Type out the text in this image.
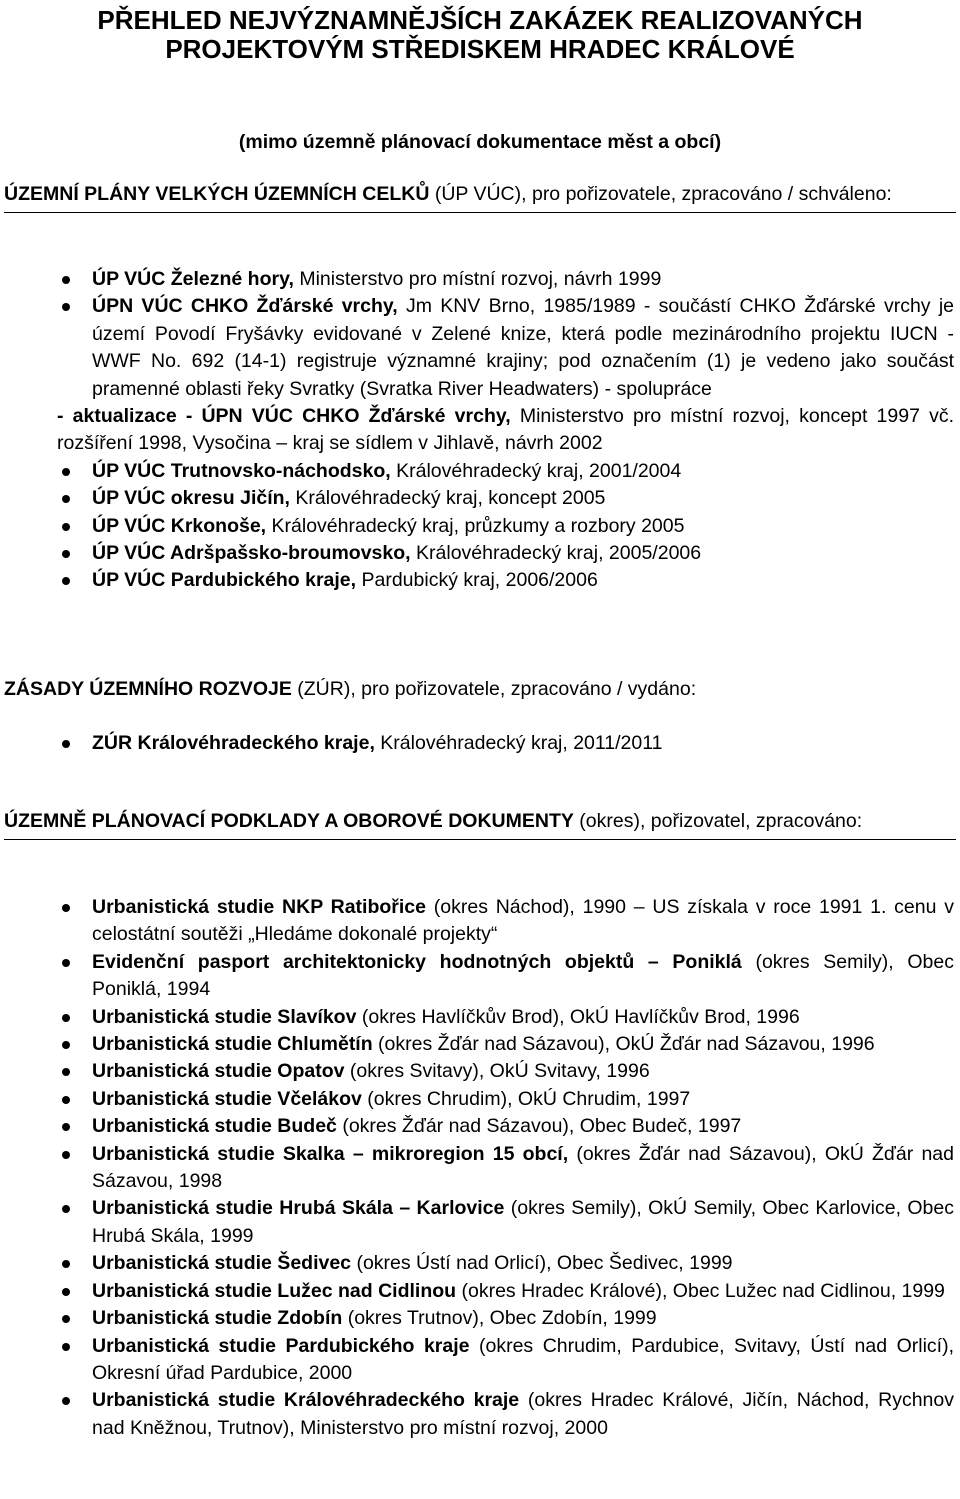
PŘEHLED NEJVÝZNAMNĚJŠÍCH ZAKÁZEK REALIZOVANÝCH
PROJEKTOVÝM STŘEDISKEM HRADEC KRÁLOVÉ
(mimo územně plánovací dokumentace měst a obcí)
ÚZEMNÍ PLÁNY VELKÝCH ÚZEMNÍCH CELKŮ (ÚP VÚC), pro pořizovatele, zpracováno / schváleno:
ÚP VÚC Železné hory, Ministerstvo pro místní rozvoj, návrh 1999
ÚPN VÚC CHKO Žďárské vrchy, Jm KNV Brno, 1985/1989 - součástí CHKO Žďárské vrchy je území Povodí Fryšávky evidované v Zelené knize, která podle mezinárodního projektu IUCN - WWF No. 692 (14-1) registruje významné krajiny; pod označením (1) je vedeno jako součást pramenné oblasti řeky Svratky (Svratka River Headwaters) - spolupráce
- aktualizace - ÚPN VÚC CHKO Žďárské vrchy, Ministerstvo pro místní rozvoj, koncept 1997 vč. rozšíření 1998, Vysočina – kraj se sídlem v Jihlavě, návrh 2002
ÚP VÚC Trutnovsko-náchodsko, Královéhradecký kraj, 2001/2004
ÚP VÚC okresu Jičín, Královéhradecký kraj, koncept 2005
ÚP VÚC Krkonoše, Královéhradecký kraj, průzkumy a rozbory 2005
ÚP VÚC Adršpašsko-broumovsko, Královéhradecký kraj, 2005/2006
ÚP VÚC Pardubického kraje, Pardubický kraj, 2006/2006
ZÁSADY ÚZEMNÍHO ROZVOJE (ZÚR), pro pořizovatele, zpracováno / vydáno:
ZÚR Královéhradeckého kraje, Královéhradecký kraj, 2011/2011
ÚZEMNĚ PLÁNOVACÍ PODKLADY A OBOROVÉ DOKUMENTY (okres), pořizovatel, zpracováno:
Urbanistická studie NKP Ratibořice (okres Náchod), 1990 – US získala v roce 1991 1. cenu v celostátní soutěži „Hledáme dokonalé projekty“
Evidenční pasport architektonicky hodnotných objektů – Poniklá (okres Semily), Obec Poniklá, 1994
Urbanistická studie Slavíkov (okres Havlíčkův Brod), OkÚ Havlíčkův Brod, 1996
Urbanistická studie Chlumětín (okres Žďár nad Sázavou), OkÚ Žďár nad Sázavou, 1996
Urbanistická studie Opatov (okres Svitavy), OkÚ Svitavy, 1996
Urbanistická studie Včelákov (okres Chrudim), OkÚ Chrudim, 1997
Urbanistická studie Budeč (okres Žďár nad Sázavou), Obec Budeč, 1997
Urbanistická studie Skalka – mikroregion 15 obcí, (okres Žďár nad Sázavou), OkÚ Žďár nad Sázavou, 1998
Urbanistická studie Hrubá Skála – Karlovice (okres Semily), OkÚ Semily, Obec Karlovice, Obec Hrubá Skála, 1999
Urbanistická studie Šedivec (okres Ústí nad Orlicí), Obec Šedivec, 1999
Urbanistická studie Lužec nad Cidlinou (okres Hradec Králové), Obec Lužec nad Cidlinou, 1999
Urbanistická studie Zdobín (okres Trutnov), Obec Zdobín, 1999
Urbanistická studie Pardubického kraje (okres Chrudim, Pardubice, Svitavy, Ústí nad Orlicí), Okresní úřad Pardubice, 2000
Urbanistická studie Královéhradeckého kraje (okres Hradec Králové, Jičín, Náchod, Rychnov nad Kněžnou, Trutnov), Ministerstvo pro místní rozvoj, 2000
